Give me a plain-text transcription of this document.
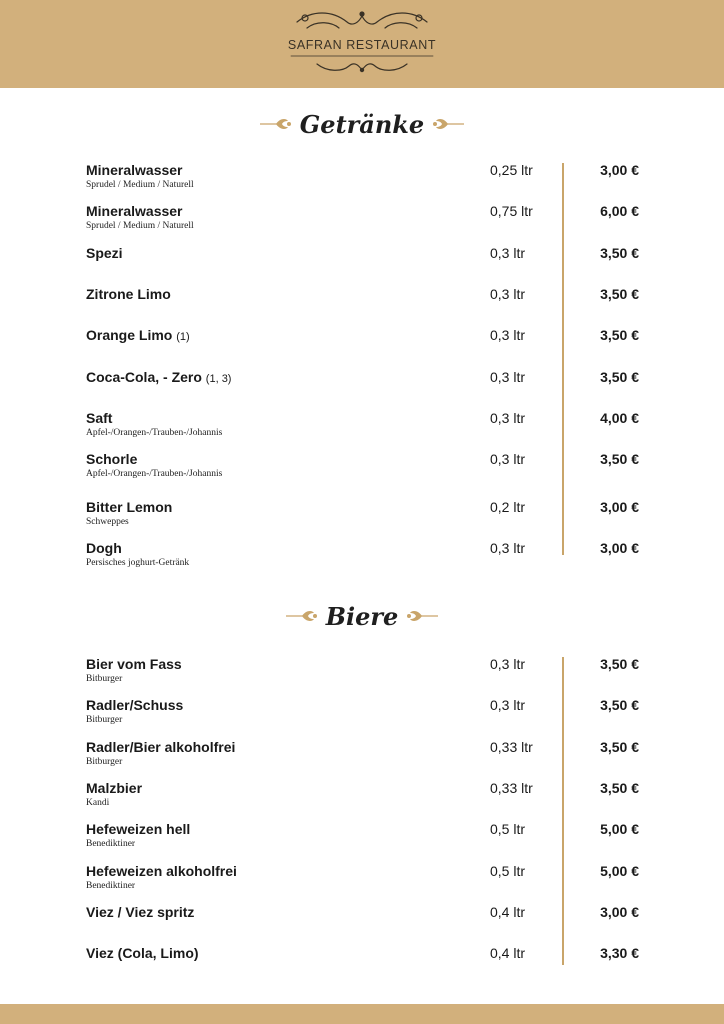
SAFRAN RESTAURANT
Getränke
Mineralwasser
Sprudel / Medium / Naturell
0,25 ltr	3,00 €
Mineralwasser
Sprudel / Medium / Naturell
0,75 ltr	6,00 €
Spezi	0,3 ltr	3,50 €
Zitrone Limo	0,3 ltr	3,50 €
Orange Limo (1)	0,3 ltr	3,50 €
Coca-Cola, - Zero (1, 3)	0,3 ltr	3,50 €
Saft
Apfel-/Orangen-/Trauben-/Johannis
0,3 ltr	4,00 €
Schorle
Apfel-/Orangen-/Trauben-/Johannis
0,3 ltr	3,50 €
Bitter Lemon
Schweppes
0,2 ltr	3,00 €
Dogh
Persisches joghurt-Getränk
0,3 ltr	3,00 €
Biere
Bier vom Fass
Bitburger
0,3 ltr	3,50 €
Radler/Schuss
Bitburger
0,3 ltr	3,50 €
Radler/Bier alkoholfrei
Bitburger
0,33 ltr	3,50 €
Malzbier
Kandi
0,33 ltr	3,50 €
Hefeweizen hell
Benediktiner
0,5 ltr	5,00 €
Hefeweizen alkoholfrei
Benediktiner
0,5 ltr	5,00 €
Viez / Viez spritz	0,4 ltr	3,00 €
Viez (Cola, Limo)	0,4 ltr	3,30 €
